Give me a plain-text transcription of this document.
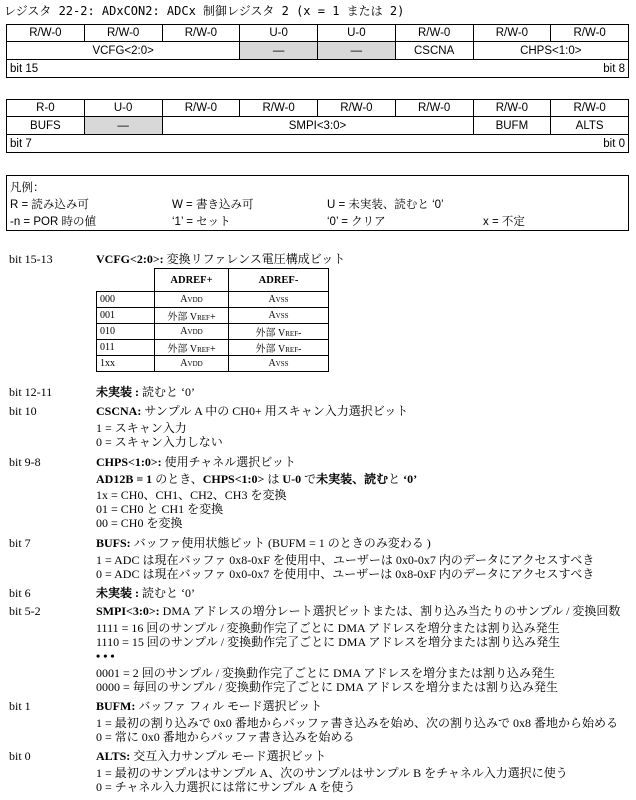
レジスタ 22-2: ADxCON2: ADCx 制御レジスタ 2 (x = 1 または 2)
R/W-0	R/W-0	R/W-0	U-0	U-0	R/W-0	R/W-0	R/W-0
VCFG<2:0>			—	—	CSCNA	CHPS<1:0>	

bit 15 bit 8							
R-0	U-0	R/W-0	R/W-0	R/W-0	R/W-0	R/W-0	R/W-0
BUFS	—	SMPI<3:0>				BUFM	ALTS

bit 7 bit 0							
凡例：
R = 読み込み可	W = 書き込み可	U = 未実装、読むと ‘0’
-n = POR 時の値	‘1’ = セット	‘0’ = クリア	x = 不定
bit 15-13	VCFG<2:0>: 変換リファレンス電圧構成ビット
	ADREF+	ADREF-
000	Avdd	Avss
001	外部 Vref+	Avss
010	Avdd	外部 Vref-
011	外部 Vref+	外部 Vref-
1xx	Avdd	Avss
bit 12-11	未実装 : 読むと ‘0’
bit 10	CSCNA: サンプル A 中の CH0+ 用スキャン入力選択ビット
1 = スキャン入力
0 = スキャン入力しない
bit 9-8	CHPS<1:0>: 使用チャネル選択ビット
AD12B = 1 のとき、CHPS<1:0> は U-0 で未実装、読むと ‘0’
1x = CH0、CH1、CH2、CH3 を変換
01 = CH0 と CH1 を変換
00 = CH0 を変換
bit 7	BUFS: バッファ使用状態ビット (BUFM = 1 のときのみ変わる )
1 = ADC は現在バッファ 0x8-0xF を使用中、ユーザーは 0x0-0x7 内のデータにアクセスすべき
0 = ADC は現在バッファ 0x0-0x7 を使用中、ユーザーは 0x8-0xF 内のデータにアクセスすべき
bit 6	未実装 : 読むと ‘0’
bit 5-2	SMPI<3:0>: DMA アドレスの増分レート選択ビットまたは、割り込み当たりのサンプル / 変換回数
1111 = 16 回のサンプル / 変換動作完了ごとに DMA アドレスを増分または割り込み発生
1110 = 15 回のサンプル / 変換動作完了ごとに DMA アドレスを増分または割り込み発生
• • •
0001 = 2 回のサンプル / 変換動作完了ごとに DMA アドレスを増分または割り込み発生
0000 = 毎回のサンプル / 変換動作完了ごとに DMA アドレスを増分または割り込み発生
bit 1	BUFM: バッファ フィル モード選択ビット
1 = 最初の割り込みで 0x0 番地からバッファ書き込みを始め、次の割り込みで 0x8 番地から始める
0 = 常に 0x0 番地からバッファ書き込みを始める
bit 0	ALTS: 交互入力サンプル モード選択ビット
1 = 最初のサンプルはサンプル A、次のサンプルはサンプル B をチャネル入力選択に使う
0 = チャネル入力選択には常にサンプル A を使う
